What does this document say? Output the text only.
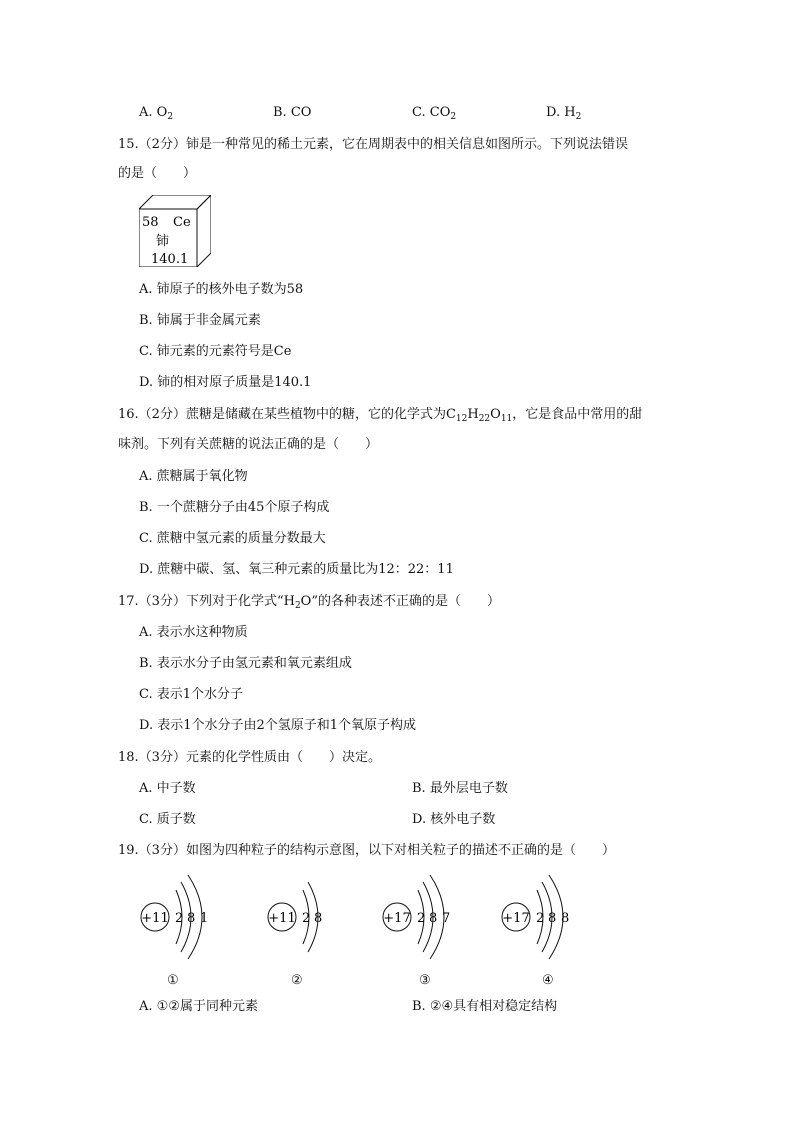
A. $O_2$	B. CO	C. $CO_2$	D. $H_2$
15.（2分）铈是一种常见的稀土元素，它在周期表中的相关信息如图所示。下列说法错误
的是（　　）
58 Ce
铈
140.1
A. 铈原子的核外电子数为58
B. 铈属于非金属元素
C. 铈元素的元素符号是Ce
D. 铈的相对原子质量是140.1
16.（2分）蔗糖是储藏在某些植物中的糖，它的化学式为$C_{12}H_{22}O_{11}$，它是食品中常用的甜
味剂。下列有关蔗糖的说法正确的是（　　）
A. 蔗糖属于氧化物
B. 一个蔗糖分子由45个原子构成
C. 蔗糖中氢元素的质量分数最大
D. 蔗糖中碳、氢、氧三种元素的质量比为12：22：11
17.（3分）下列对于化学式“$H_2O$”的各种表述不正确的是（　　）
A. 表示水这种物质
B. 表示水分子由氢元素和氧元素组成
C. 表示1个水分子
D. 表示1个水分子由2个氢原子和1个氧原子构成
18.（3分）元素的化学性质由（　　）决定。
A. 中子数	B. 最外层电子数
C. 质子数	D. 核外电子数
19.（3分）如图为四种粒子的结构示意图，以下对相关粒子的描述不正确的是（　　）
+11 2 8 1
①
+11 2 8
②
+17 2 8 7
③
+17 2 8 8
④
A. ①②属于同种元素	B. ②④具有相对稳定结构
